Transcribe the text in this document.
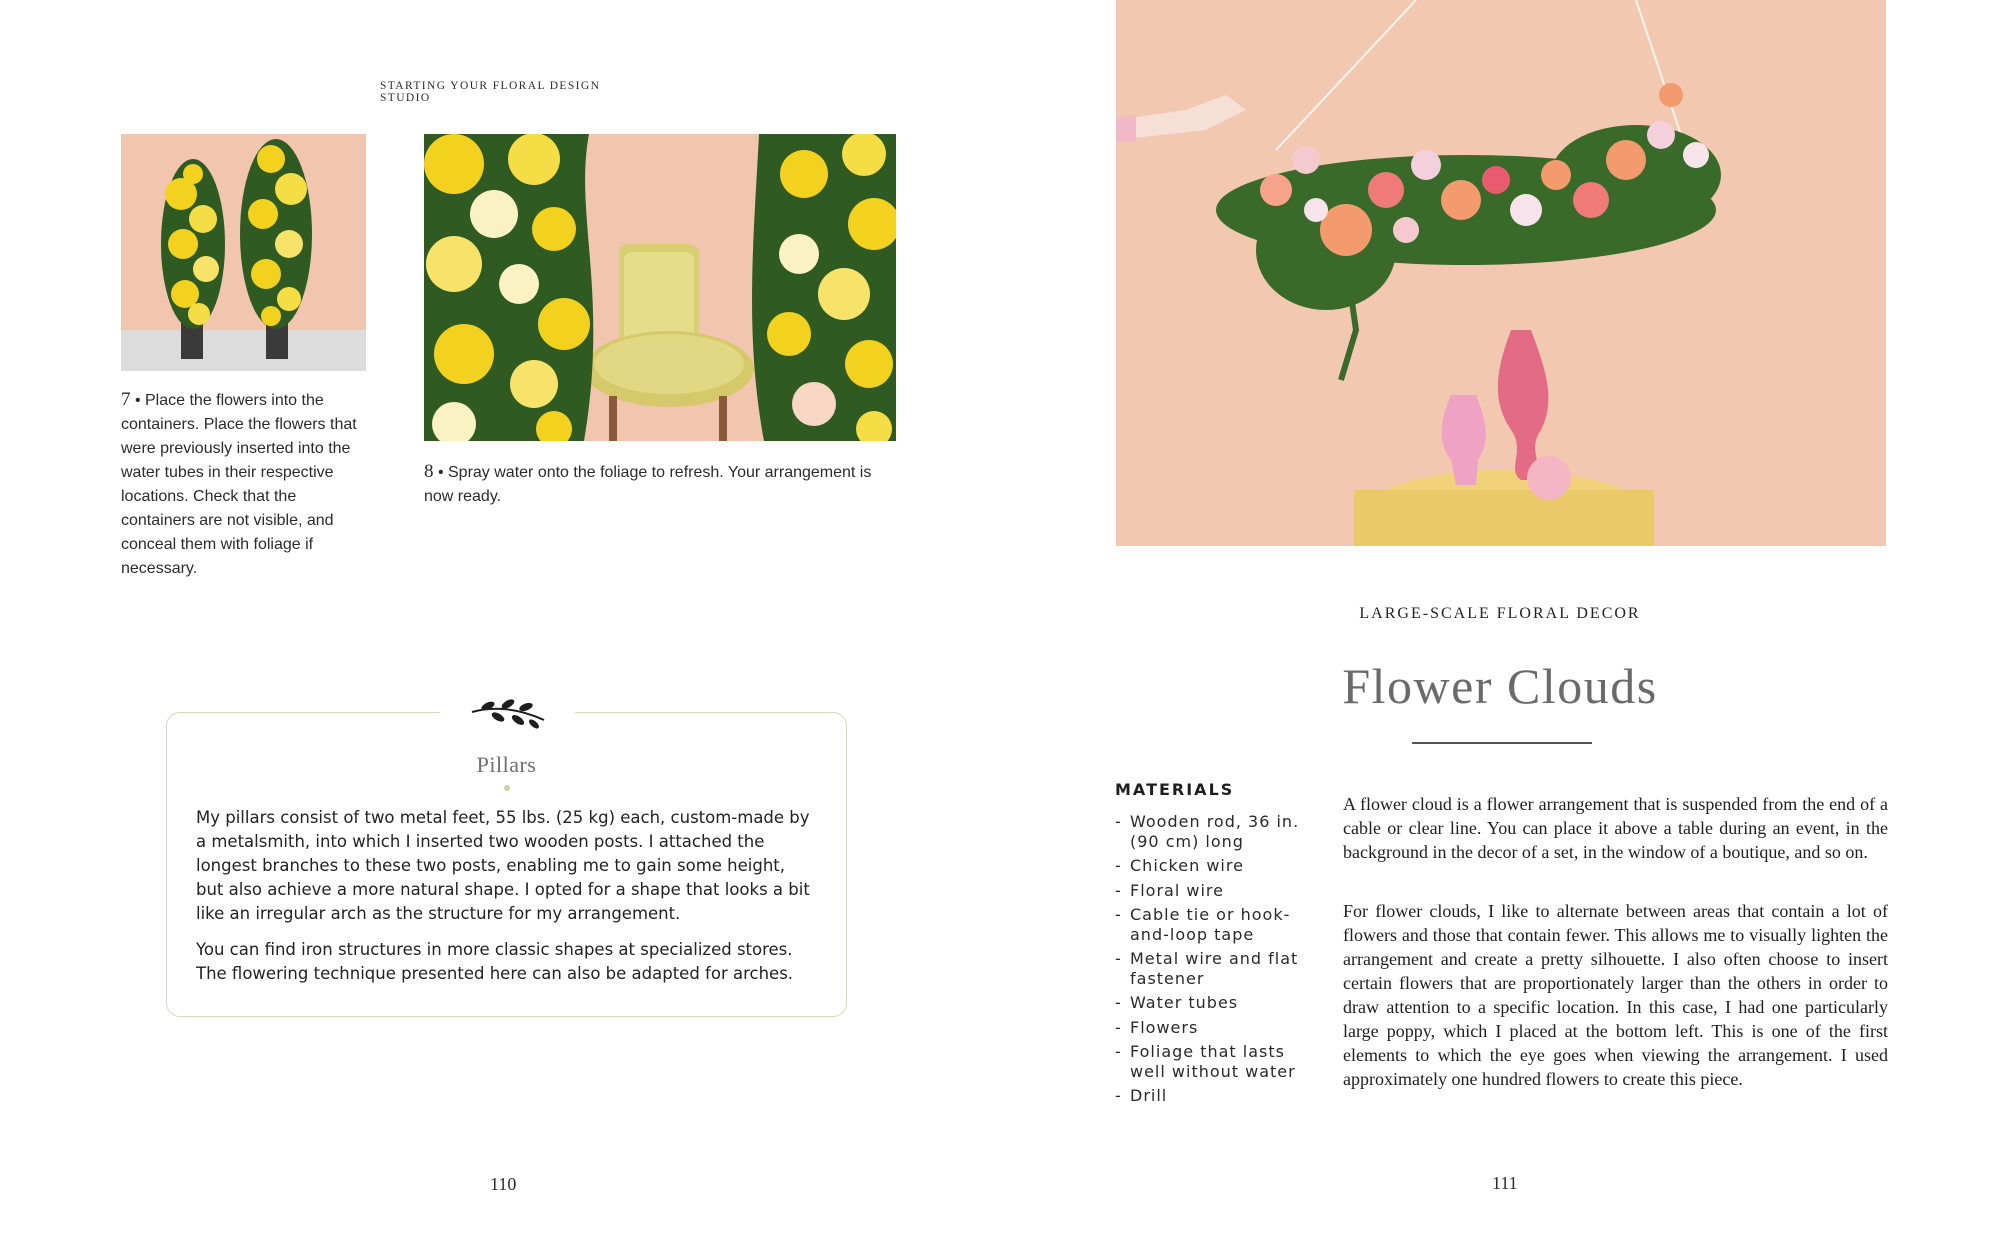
STARTING YOUR FLORAL DESIGN STUDIO
7 • Place the flowers into the containers. Place the flowers that were previously inserted into the water tubes in their respective locations. Check that the containers are not visible, and conceal them with foliage if necessary.
8 • Spray water onto the foliage to refresh. Your arrangement is now ready.
Pillars
My pillars consist of two metal feet, 55 lbs. (25 kg) each, custom-made by a metalsmith, into which I inserted two wooden posts. I attached the longest branches to these two posts, enabling me to gain some height, but also achieve a more natural shape. I opted for a shape that looks a bit like an irregular arch as the structure for my arrangement.
You can find iron structures in more classic shapes at specialized stores. The flowering technique presented here can also be adapted for arches.
110
LARGE-SCALE FLORAL DECOR
Flower Clouds
MATERIALS
- Wooden rod, 36 in. (90 cm) long
- Chicken wire
- Floral wire
- Cable tie or hook-and-loop tape
- Metal wire and flat fastener
- Water tubes
- Flowers
- Foliage that lasts well without water
- Drill
A flower cloud is a flower arrangement that is suspended from the end of a cable or clear line. You can place it above a table during an event, in the background in the decor of a set, in the window of a boutique, and so on.
For flower clouds, I like to alternate between areas that contain a lot of flowers and those that contain fewer. This allows me to visually lighten the arrangement and create a pretty silhouette. I also often choose to insert certain flowers that are proportionately larger than the others in order to draw attention to a specific location. In this case, I had one particularly large poppy, which I placed at the bottom left. This is one of the first elements to which the eye goes when viewing the arrangement. I used approximately one hundred flowers to create this piece.
111
